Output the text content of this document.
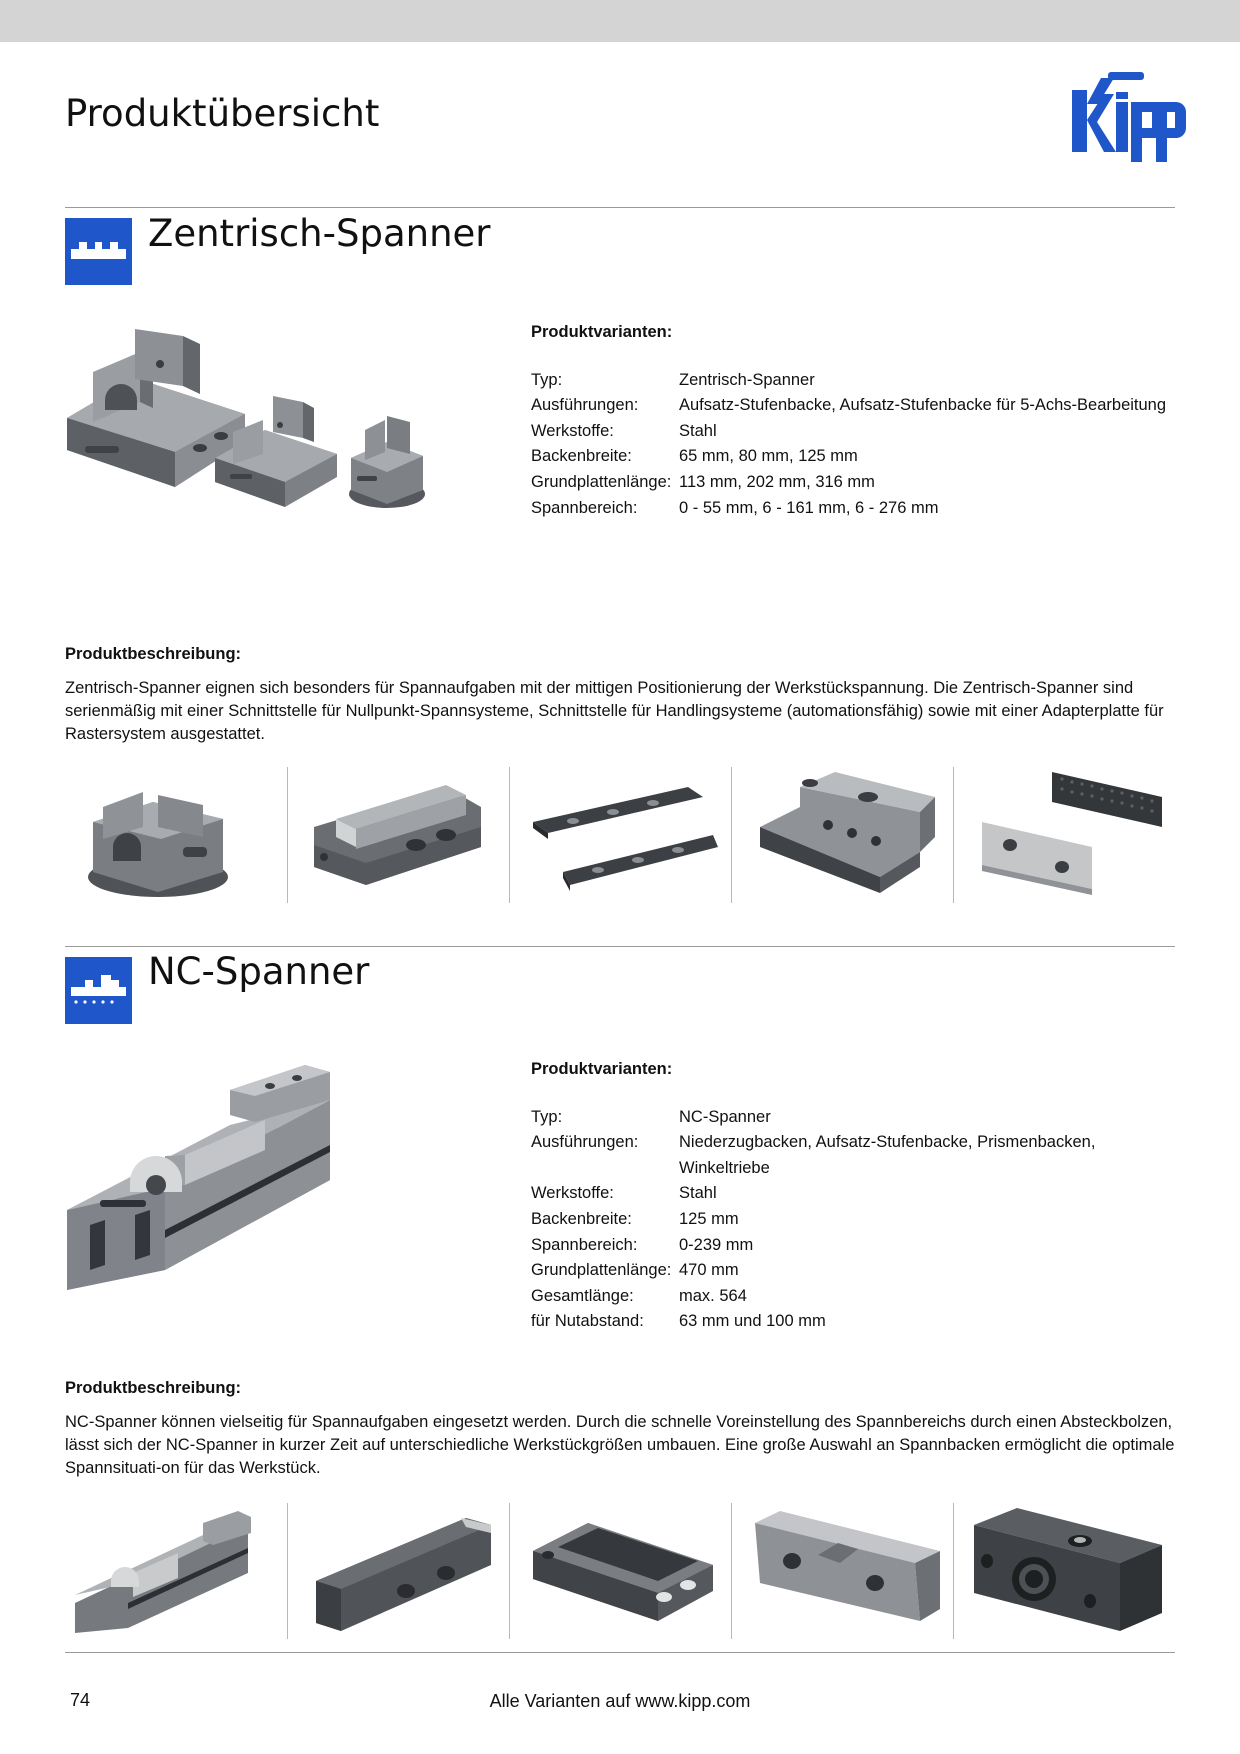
Produktübersicht
Zentrisch-Spanner
Produktvarianten:
Typ:	Zentrisch-Spanner
Ausführungen:	Aufsatz-Stufenbacke, Aufsatz-Stufenbacke für 5-Achs-Bearbeitung
Werkstoffe:	Stahl
Backenbreite:	65 mm, 80 mm, 125 mm
Grundplattenlänge: 113 mm, 202 mm, 316 mm
Spannbereich:	0 - 55 mm, 6 - 161 mm, 6 - 276 mm
Produktbeschreibung:
Zentrisch-Spanner eignen sich besonders für Spannaufgaben mit der mittigen Positionierung der Werkstückspannung. Die Zentrisch-Spanner sind serienmäßig mit einer Schnittstelle für Nullpunkt-Spannsysteme, Schnittstelle für Handlingsysteme (automationsfähig) sowie mit einer Adapterplatte für Rastersystem ausgestattet.
NC-Spanner
Produktvarianten:
Typ:	NC-Spanner
Ausführungen:	Niederzugbacken, Aufsatz-Stufenbacke, Prismenbacken, Winkeltriebe
Werkstoffe:	Stahl
Backenbreite:	125 mm
Spannbereich:	0-239 mm
Grundplattenlänge: 470 mm
Gesamtlänge:	max. 564
für Nutabstand:	63 mm und 100 mm
Produktbeschreibung:
NC-Spanner können vielseitig für Spannaufgaben eingesetzt werden. Durch die schnelle Voreinstellung des Spannbereichs durch einen Absteckbolzen, lässt sich der NC-Spanner in kurzer Zeit auf unterschiedliche Werkstückgrößen umbauen. Eine große Auswahl an Spannbacken ermöglicht die optimale Spannsituati-on für das Werkstück.
74	Alle Varianten auf www.kipp.com
